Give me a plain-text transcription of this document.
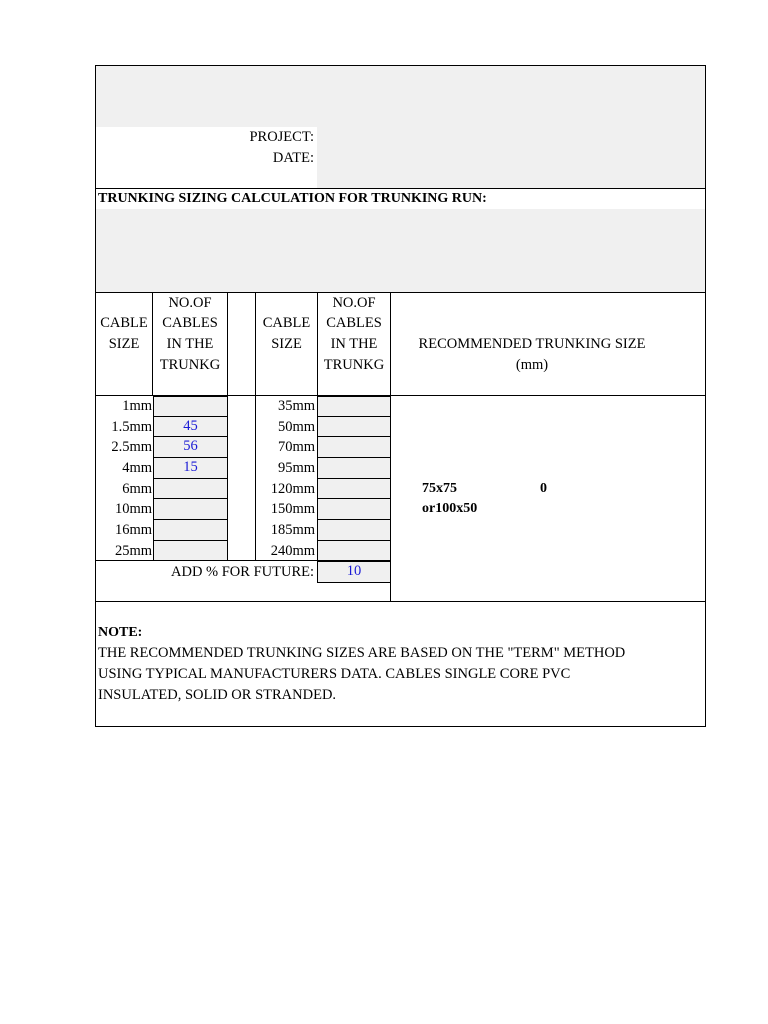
PROJECT:
DATE:
TRUNKING SIZING CALCULATION FOR TRUNKING RUN:
CABLE
SIZE
NO.OF
CABLES
IN THE
TRUNKG
CABLE
SIZE
NO.OF
CABLES
IN THE
TRUNKG
RECOMMENDED TRUNKING SIZE
(mm)
1mm
1.5mm
2.5mm
4mm
6mm
10mm
16mm
25mm
45
56
15
35mm
50mm
70mm
95mm
120mm
150mm
185mm
240mm
ADD % FOR FUTURE:	10
75x75
or100x50
0
NOTE:
THE RECOMMENDED TRUNKING SIZES ARE BASED ON THE "TERM" METHOD
USING TYPICAL MANUFACTURERS DATA. CABLES SINGLE CORE PVC
INSULATED, SOLID OR STRANDED.
